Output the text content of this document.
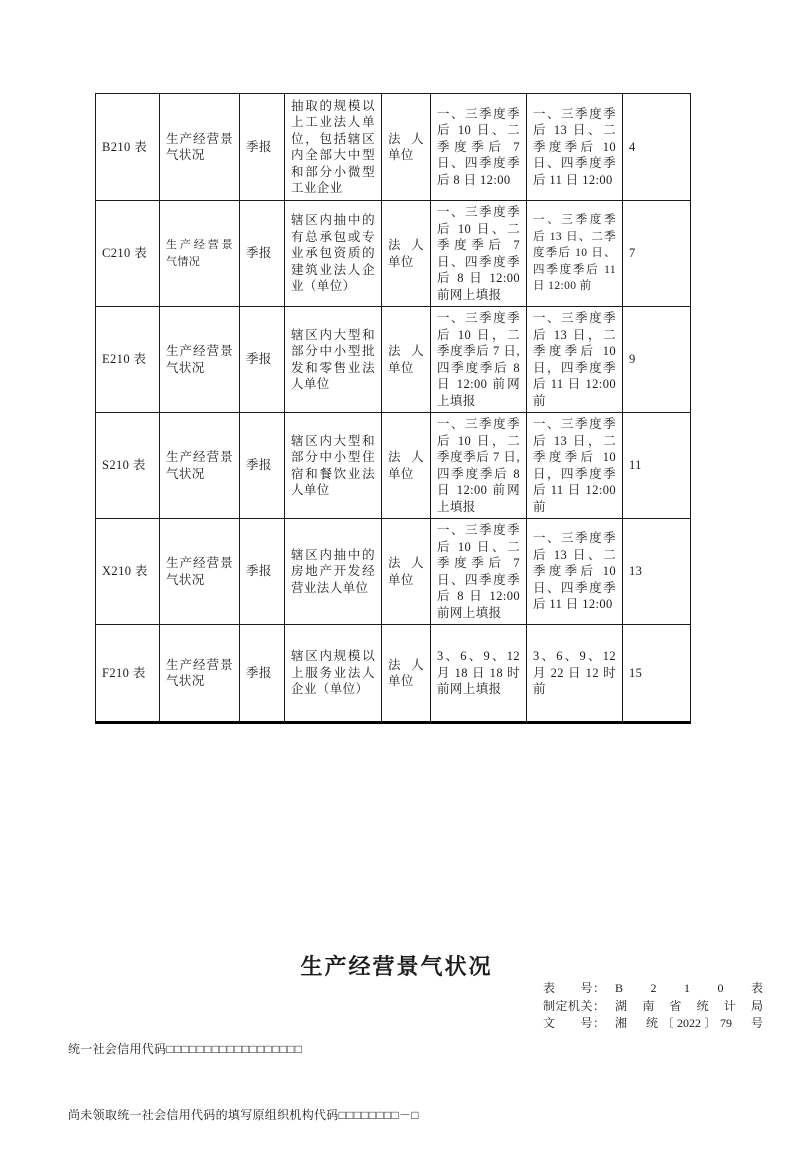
B210 表	生产经营景气状况	季报	抽取的规模以上工业法人单位，包括辖区内全部大中型和部分小微型工业企业	法人单位	一、三季度季后 10 日、二季度季后 7 日、四季度季后 8 日 12:00	一、三季度季后 13 日、二季度季后 10 日、四季度季后 11 日 12:00	4
C210 表	生产经营景气情况	季报	辖区内抽中的有总承包或专业承包资质的建筑业法人企业（单位）	法人单位	一、三季度季后 10 日、二季度季后 7 日、四季度季后 8 日 12:00 前网上填报	一、三季度季后 13 日、二季度季后 10 日、四季度季后 11 日 12:00 前	7
E210 表	生产经营景气状况	季报	辖区内大型和部分中小型批发和零售业法人单位	法人单位	一、三季度季后 10 日，二季度季后 7 日,四季度季后 8 日 12:00 前网上填报	一、三季度季后 13 日，二季度季后 10 日，四季度季后 11 日 12:00 前	9
S210 表	生产经营景气状况	季报	辖区内大型和部分中小型住宿和餐饮业法人单位	法人单位	一、三季度季后 10 日，二季度季后 7 日,四季度季后 8 日 12:00 前网上填报	一、三季度季后 13 日，二季度季后 10 日，四季度季后 11 日 12:00 前	11
X210 表	生产经营景气状况	季报	辖区内抽中的房地产开发经营业法人单位	法人单位	一、三季度季后 10 日、二季度季后 7 日、四季度季后 8 日 12:00 前网上填报	一、三季度季后 13 日、二季度季后 10 日、四季度季后 11 日 12:00	13
F210 表	生产经营景气状况	季报	辖区内规模以上服务业法人企业（单位）	法人单位	3、6、9、12 月 18 日 18 时前网上填报	3、6、9、12 月 22 日 12 时前	15
生产经营景气状况

统一社会信用代码□□□□□□□□□□□□□□□□□□

尚未领取统一社会信用代码的填写原组织机构代码□□□□□□□□－□

表　　号： B　2　1　0　表
制定机关： 湖　南　省　统　计　局
文　　号： 湘　统〔2022〕79　号
